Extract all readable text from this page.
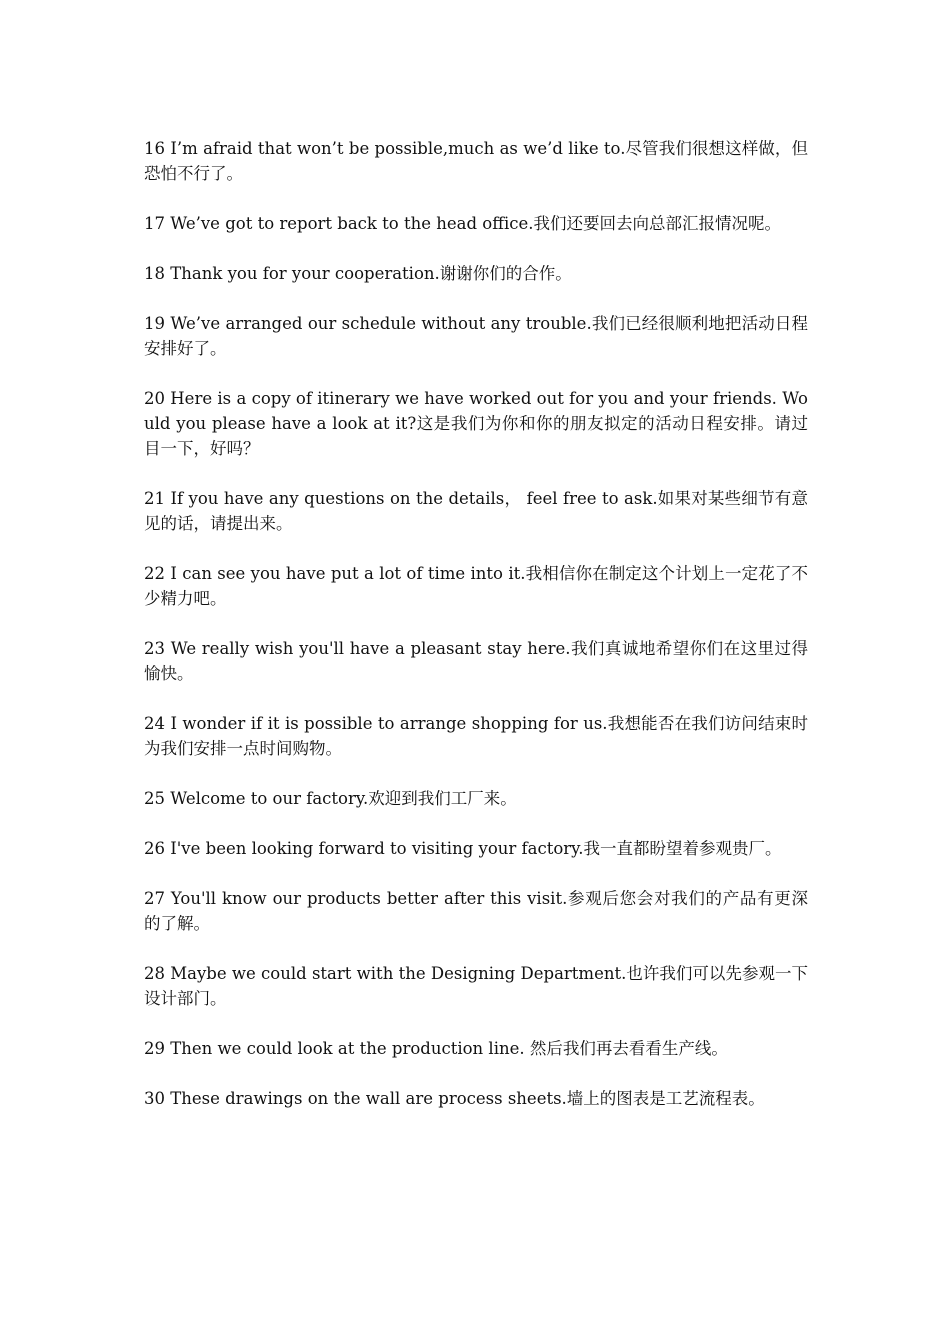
16 I’m afraid that won’t be possible,much as we’d like to.尽管我们很想这样做，但恐怕不行了。

17 We’ve got to report back to the head office.我们还要回去向总部汇报情况呢。

18 Thank you for your cooperation.谢谢你们的合作。

19 We’ve arranged our schedule without any trouble.我们已经很顺利地把活动日程安排好了。

20 Here is a copy of itinerary we have worked out for you and your friends. Would you please have a look at it?这是我们为你和你的朋友拟定的活动日程安排。请过目一下，好吗？

21 If you have any questions on the details， feel free to ask.如果对某些细节有意见的话，请提出来。

22 I can see you have put a lot of time into it.我相信你在制定这个计划上一定花了不少精力吧。

23 We really wish you'll have a pleasant stay here.我们真诚地希望你们在这里过得愉快。

24 I wonder if it is possible to arrange shopping for us.我想能否在我们访问结束时为我们安排一点时间购物。

25 Welcome to our factory.欢迎到我们工厂来。

26 I've been looking forward to visiting your factory.我一直都盼望着参观贵厂。

27 You'll know our products better after this visit.参观后您会对我们的产品有更深的了解。

28 Maybe we could start with the Designing Department.也许我们可以先参观一下设计部门。

29 Then we could look at the production line. 然后我们再去看看生产线。

30 These drawings on the wall are process sheets.墙上的图表是工艺流程表。
